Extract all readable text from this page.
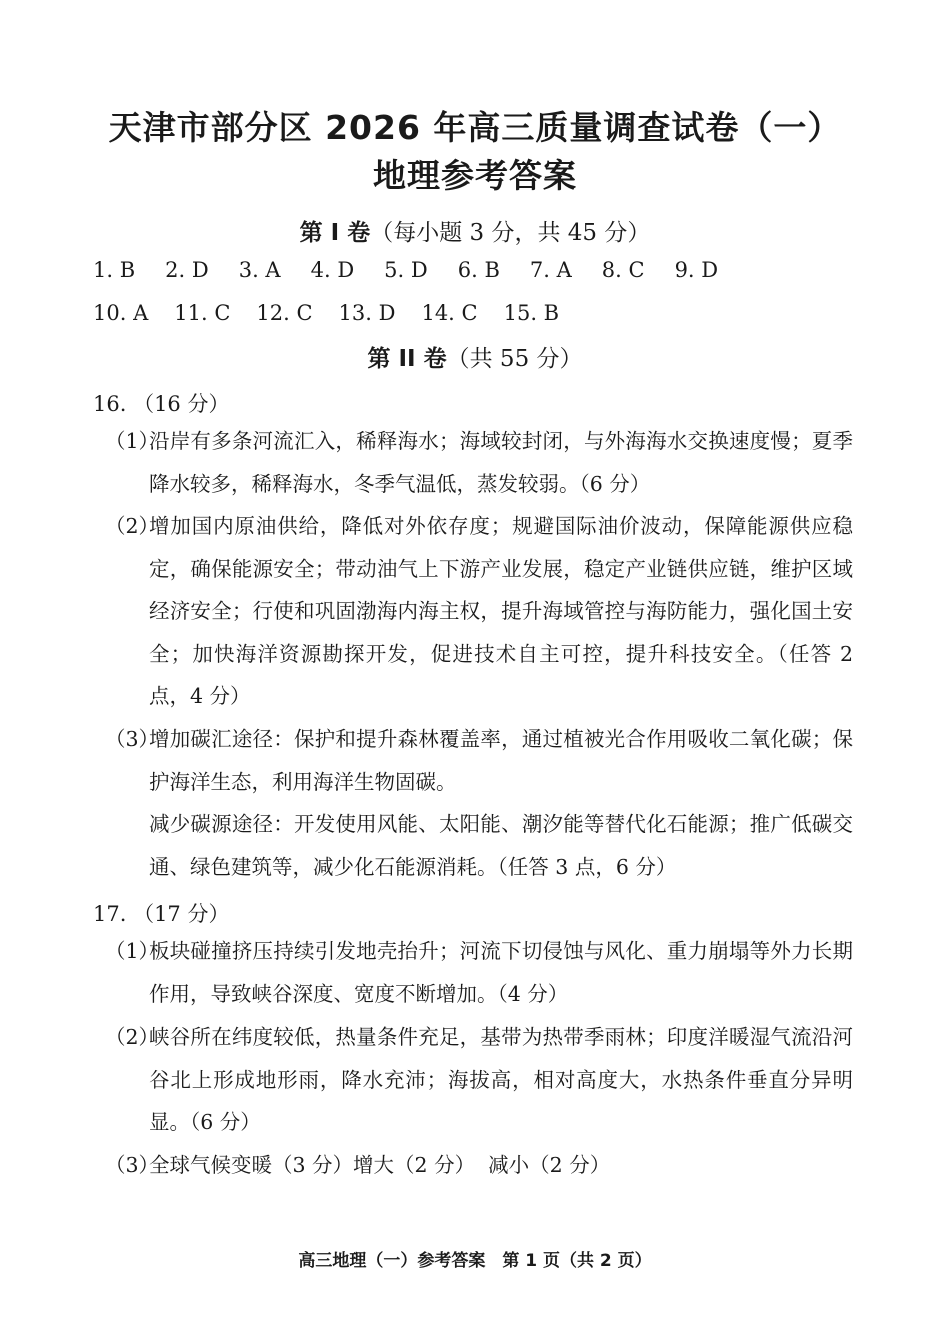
天津市部分区 2026 年高三质量调查试卷（一）
地理参考答案
第 I 卷（每小题 3 分，共 45 分）
1. B 2. D 3. A 4. D 5. D 6. B 7. A 8. C 9. D
10. A 11. C 12. C 13. D 14. C 15. B
第 II 卷（共 55 分）

16. （16 分）

（1）

沿岸有多条河流汇入，稀释海水；海域较封闭，与外海海水交换速度慢；夏季降水较多，稀释海水，冬季气温低，蒸发较弱。（6 分）

（2）

增加国内原油供给，降低对外依存度；规避国际油价波动，保障能源供应稳定，确保能源安全；带动油气上下游产业发展，稳定产业链供应链，维护区域经济安全；行使和巩固渤海内海主权，提升海域管控与海防能力，强化国土安全；加快海洋资源勘探开发，促进技术自主可控，提升科技安全。（任答 2 点，4 分）

（3）

增加碳汇途径：保护和提升森林覆盖率，通过植被光合作用吸收二氧化碳；保护海洋生态，利用海洋生物固碳。

减少碳源途径：开发使用风能、太阳能、潮汐能等替代化石能源；推广低碳交通、绿色建筑等，减少化石能源消耗。（任答 3 点，6 分）

17. （17 分）

（1）

板块碰撞挤压持续引发地壳抬升；河流下切侵蚀与风化、重力崩塌等外力长期作用，导致峡谷深度、宽度不断增加。（4 分）

（2）

峡谷所在纬度较低，热量条件充足，基带为热带季雨林；印度洋暖湿气流沿河谷北上形成地形雨，降水充沛；海拔高，相对高度大，水热条件垂直分异明显。（6 分）

（3）

全球气候变暖（3 分）增大（2 分）  减小（2 分）

高三地理（一）参考答案　第 1 页（共 2 页）
